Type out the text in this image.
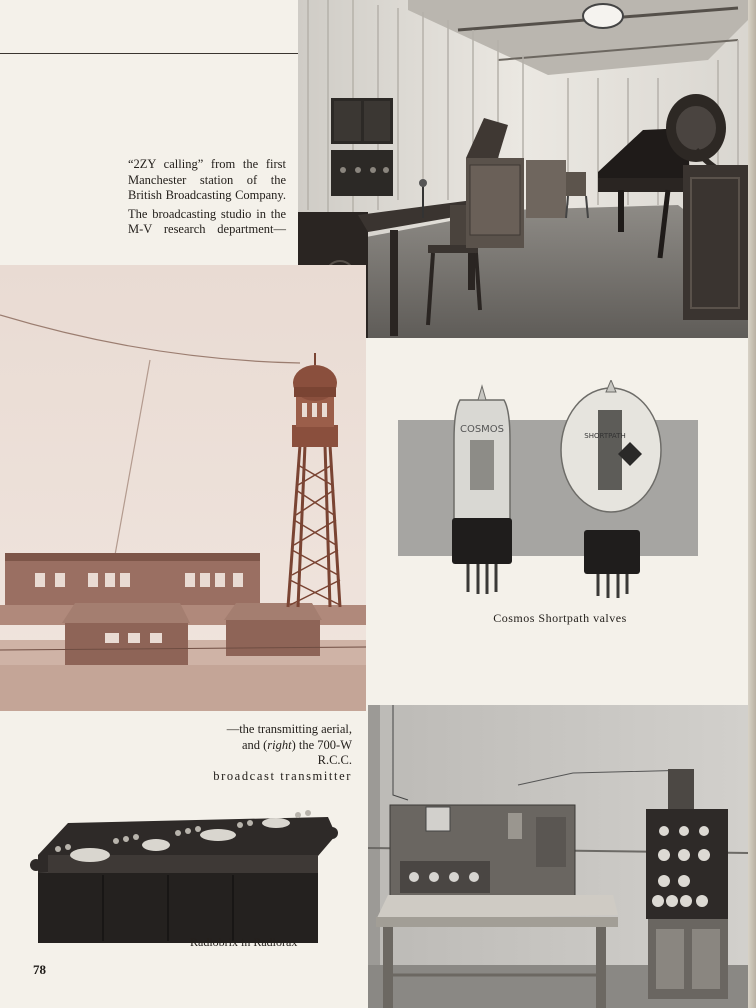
“2ZY calling” from the first Manchester station of the British Broadcasting Company.

The broadcasting studio in the M-V research department—

COSMOS
SHORTPATH
Cosmos Shortpath valves
—the transmitting aerial,
and (right) the 700-W R.C.C.
broadcast transmitter
Radiobrix in Radiorax
78
